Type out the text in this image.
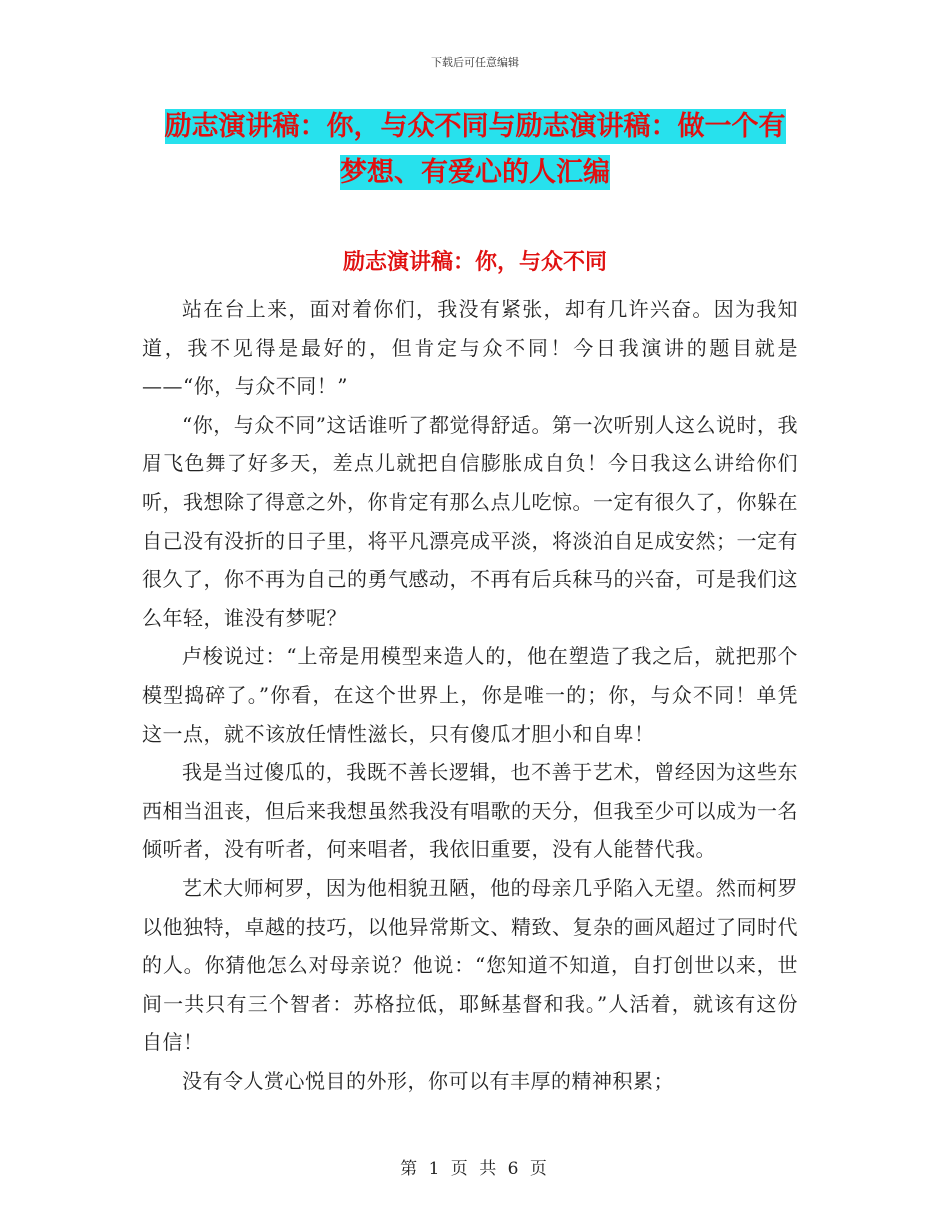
下载后可任意编辑
励志演讲稿：你，与众不同与励志演讲稿：做一个有
梦想、有爱心的人汇编
励志演讲稿：你，与众不同

站在台上来，面对着你们，我没有紧张，却有几许兴奋。因为我知道，我不见得是最好的，但肯定与众不同！今日我演讲的题目就是——“你，与众不同！”

“你，与众不同”这话谁听了都觉得舒适。第一次听别人这么说时，我眉飞色舞了好多天，差点儿就把自信膨胀成自负！今日我这么讲给你们听，我想除了得意之外，你肯定有那么点儿吃惊。一定有很久了，你躲在自己没有没折的日子里，将平凡漂亮成平淡，将淡泊自足成安然；一定有很久了，你不再为自己的勇气感动，不再有后兵秣马的兴奋，可是我们这么年轻，谁没有梦呢？

卢梭说过：“上帝是用模型来造人的，他在塑造了我之后，就把那个模型捣碎了。”你看，在这个世界上，你是唯一的；你，与众不同！单凭这一点，就不该放任情性滋长，只有傻瓜才胆小和自卑！

我是当过傻瓜的，我既不善长逻辑，也不善于艺术，曾经因为这些东西相当沮丧，但后来我想虽然我没有唱歌的天分，但我至少可以成为一名倾听者，没有听者，何来唱者，我依旧重要，没有人能替代我。

艺术大师柯罗，因为他相貌丑陋，他的母亲几乎陷入无望。然而柯罗以他独特，卓越的技巧，以他异常斯文、精致、复杂的画风超过了同时代的人。你猜他怎么对母亲说？他说：“您知道不知道，自打创世以来，世间一共只有三个智者：苏格拉低，耶稣基督和我。”人活着，就该有这份自信！

没有令人赏心悦目的外形，你可以有丰厚的精神积累；

第 1 页 共 6 页
